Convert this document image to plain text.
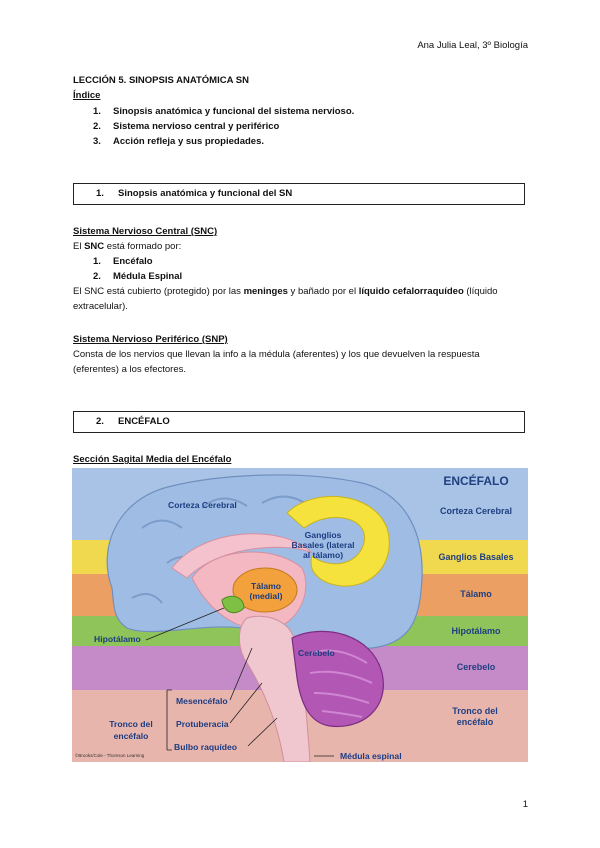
Ana Julia Leal, 3º Biología
LECCIÓN 5. SINOPSIS ANATÓMICA SN
Índice
1. Sinopsis anatómica y funcional del sistema nervioso.
2. Sistema nervioso central y periférico
3. Acción refleja y sus propiedades.
1. Sinopsis anatómica y funcional del SN
Sistema Nervioso Central (SNC)
El SNC está formado por:
1. Encéfalo
2. Médula Espinal
El SNC está cubierto (protegido) por las meninges y bañado por el líquido cefalorraquídeo (líquido
extracelular).
Sistema Nervioso Periférico (SNP)
Consta de los nervios que llevan la info a la médula (aferentes) y los que devuelven la respuesta
(eferentes) a los efectores.
2. ENCÉFALO
Sección Sagital Media del Encéfalo
ENCÉFALO
Corteza Cerebral
Ganglios Basales
Tálamo
Hipotálamo
Cerebelo
Tronco del encéfalo
Corteza Cerebral
Ganglios Basales (lateral al tálamo)
Tálamo (medial)
Hipotálamo
Cerebelo
Tronco del encéfalo
Mesencéfalo
Protuberacia
Bulbo raquídeo
Médula espinal
©Brooks/Cole - Thomson Learning
1
